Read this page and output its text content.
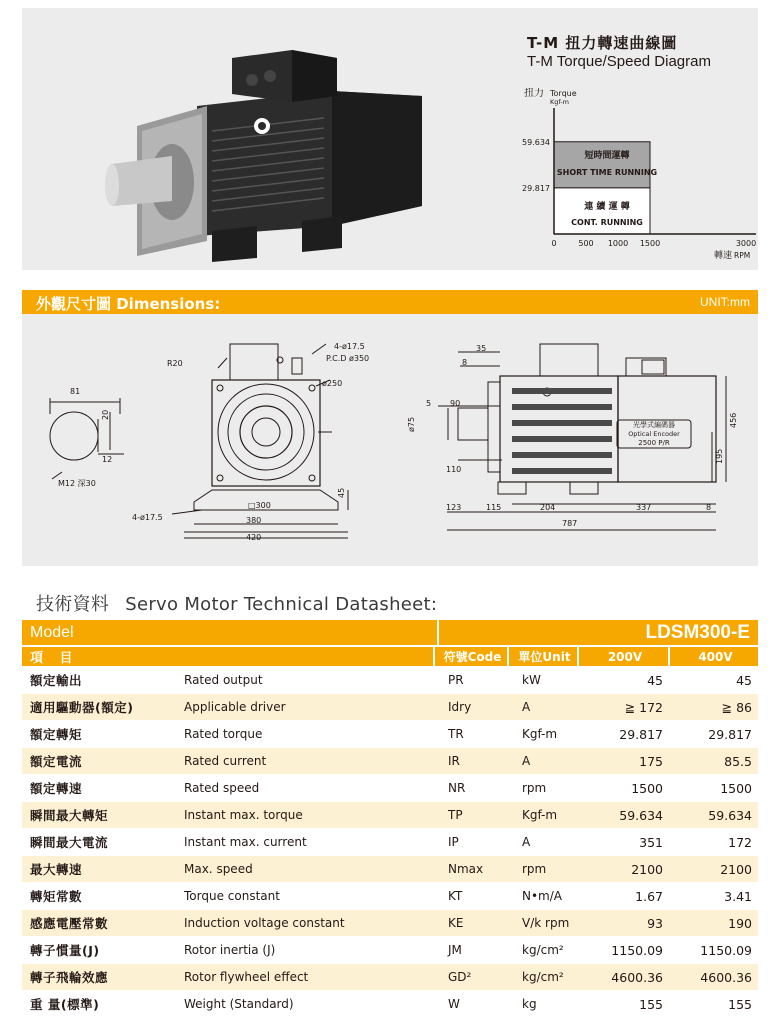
T-M 扭力轉速曲線圖
T-M Torque/Speed Diagram
扭力 Torque
Kgf-m
59.634
29.817
0	500 1000 1500	3000
轉速 RPM
短時間運轉
SHORT TIME RUNNING
連 續 運 轉
CONT. RUNNING
外觀尺寸圖 Dimensions:	UNIT:mm
R20
4-ø17.5
P.C.D ø350
ø250
81
20
12
M12 深30
45
□300
380
420
4-ø17.5
35
8
5 90
ø75
110
123	115	204	337	8
787
456
195
光學式編碼器
Optical Encoder
2500 P/R
技術資料 Servo Motor Technical Datasheet:
Model			LDSM300-E						
項 目			符號Code		單位Unit		200V		400V
額定輸出	Rated output		PR		kW		45		45
適用驅動器(額定)	Applicable driver		Idry		A		≧ 172		≧ 86
額定轉矩	Rated torque		TR		Kgf-m		29.817		29.817
額定電流	Rated current		IR		A		175		85.5
額定轉速	Rated speed		NR		rpm		1500		1500
瞬間最大轉矩	Instant max. torque		TP		Kgf-m		59.634		59.634
瞬間最大電流	Instant max. current		IP		A		351		172
最大轉速	Max. speed		Nmax		rpm		2100		2100
轉矩常數	Torque constant		KT		N•m/A		1.67		3.41
感應電壓常數	Induction voltage constant		KE		V/k rpm		93		190
轉子慣量(J)	Rotor inertia (J)		JM		kg/cm²		1150.09		1150.09
轉子飛輪效應	Rotor flywheel effect		GD²		kg/cm²		4600.36		4600.36
重 量(標準)	Weight (Standard)		W		kg		155		155
